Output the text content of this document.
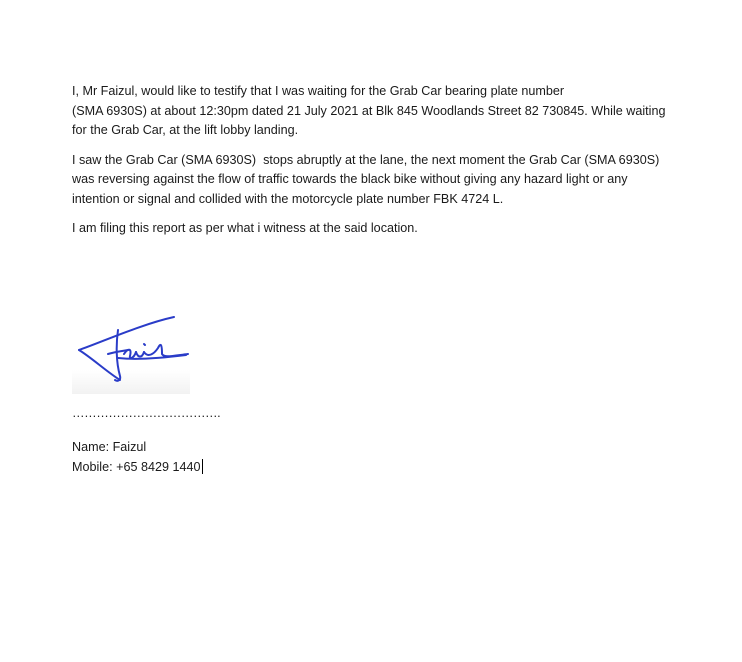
I, Mr Faizul, would like to testify that I was waiting for the Grab Car bearing plate number
(SMA 6930S) at about 12:30pm dated 21 July 2021 at Blk 845 Woodlands Street 82 730845. While waiting for the Grab Car, at the lift lobby landing.

I saw the Grab Car (SMA 6930S)  stops abruptly at the lane, the next moment the Grab Car (SMA 6930S) was reversing against the flow of traffic towards the black bike without giving any hazard light or any intention or signal and collided with the motorcycle plate number FBK 4724 L.

I am filing this report as per what i witness at the said location.

……………………………….
Name: Faizul
Mobile: +65 8429 1440
